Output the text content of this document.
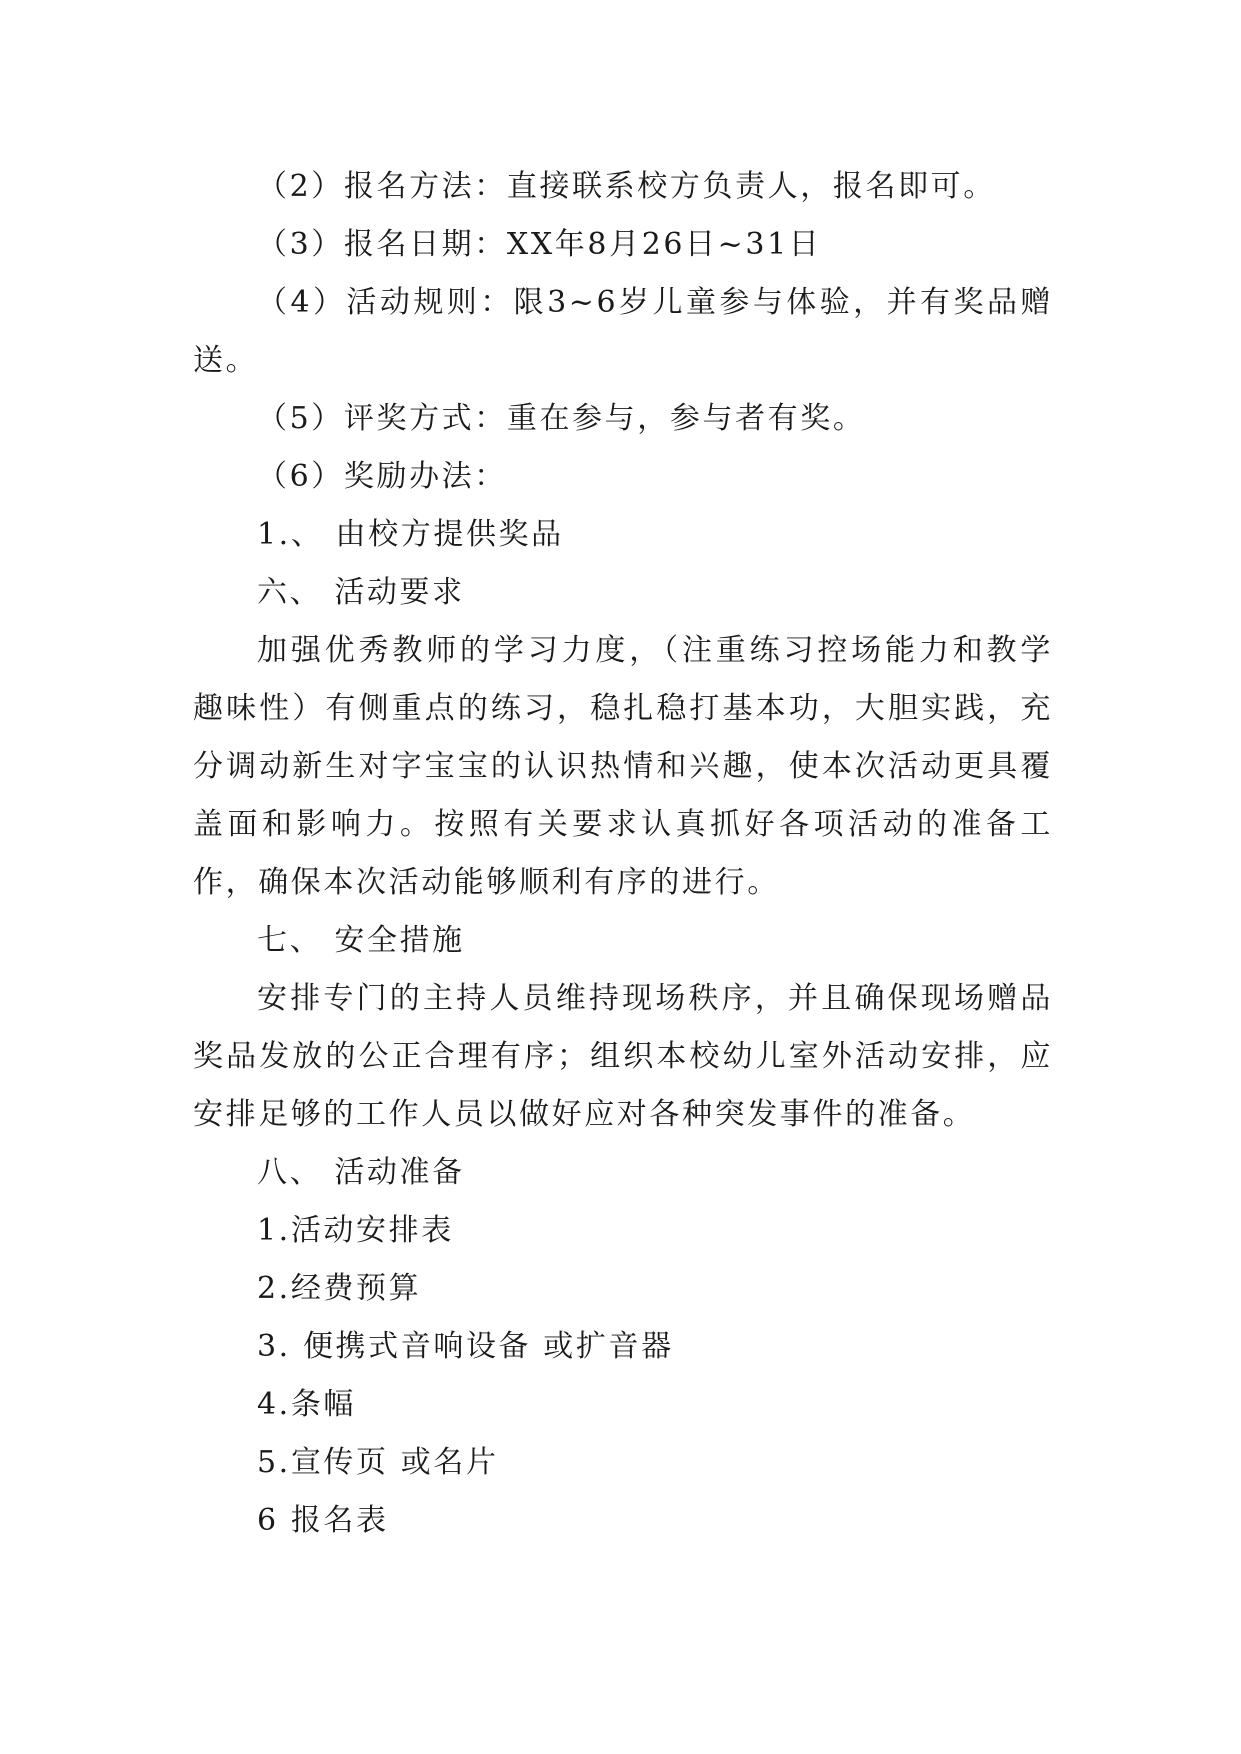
（2）报名方法：直接联系校方负责人，报名即可。

（3）报名日期：XX年8月26日~31日

（4）活动规则：限3~6岁儿童参与体验，并有奖品赠送。

（5）评奖方式：重在参与，参与者有奖。

（6）奖励办法：

1.、 由校方提供奖品

六、 活动要求

加强优秀教师的学习力度，（注重练习控场能力和教学趣味性）有侧重点的练习，稳扎稳打基本功，大胆实践，充分调动新生对字宝宝的认识热情和兴趣，使本次活动更具覆盖面和影响力。按照有关要求认真抓好各项活动的准备工作，确保本次活动能够顺利有序的进行。

七、 安全措施

安排专门的主持人员维持现场秩序，并且确保现场赠品奖品发放的公正合理有序；组织本校幼儿室外活动安排，应安排足够的工作人员以做好应对各种突发事件的准备。

八、 活动准备

1.活动安排表

2.经费预算

3. 便携式音响设备 或扩音器

4.条幅

5.宣传页 或名片

6 报名表
